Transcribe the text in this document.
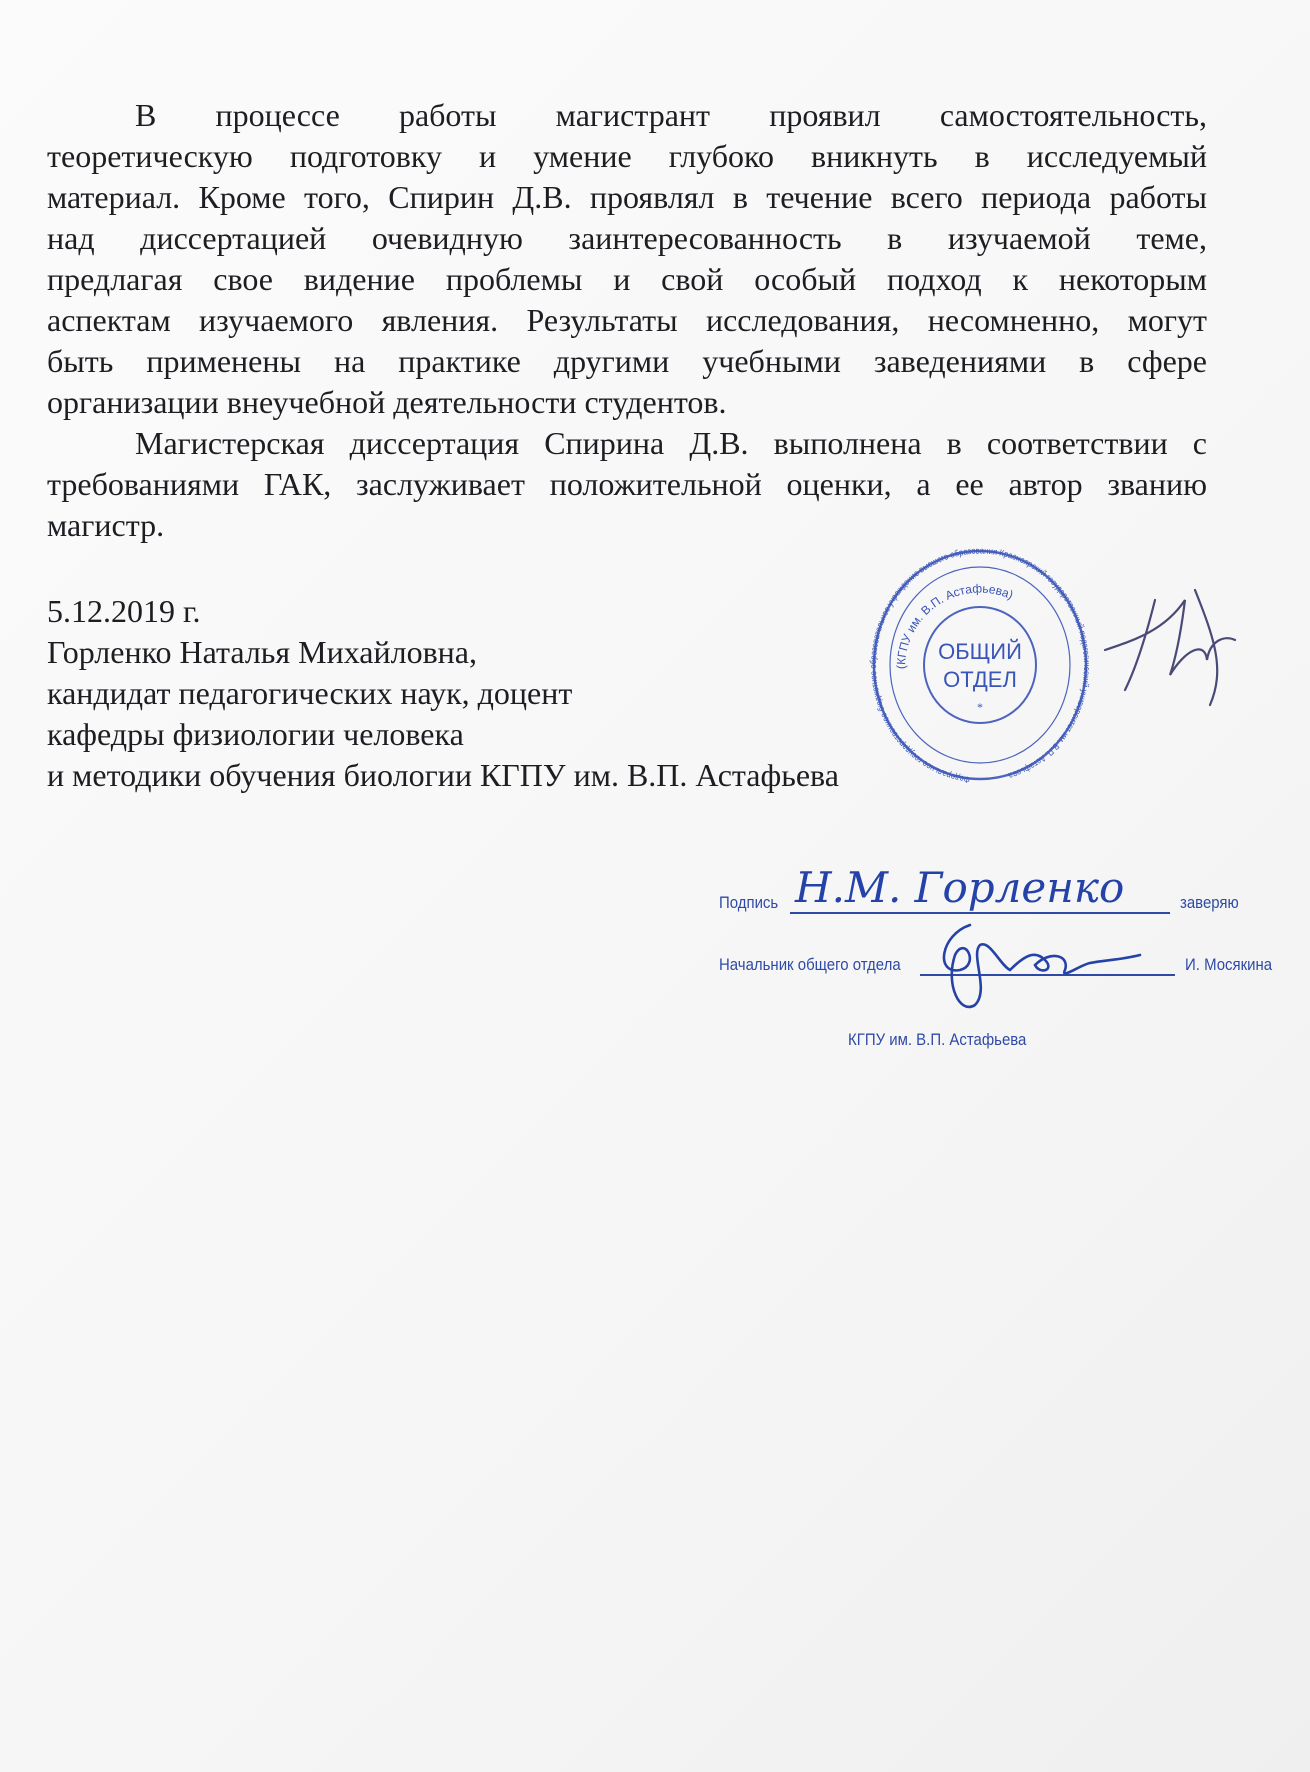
В процессе работы магистрант проявил самостоятельность,
теоретическую подготовку и умение глубоко вникнуть в исследуемый
материал. Кроме того, Спирин Д.В. проявлял в течение всего периода работы
над диссертацией очевидную заинтересованность в изучаемой теме,
предлагая свое видение проблемы и свой особый подход к некоторым
аспектам изучаемого явления. Результаты исследования, несомненно, могут
быть применены на практике другими учебными заведениями в сфере
организации внеучебной деятельности студентов.
Магистерская диссертация Спирина Д.В. выполнена в соответствии с
требованиями ГАК, заслуживает положительной оценки, а ее автор званию
магистр.
5.12.2019 г.
Горленко Наталья Михайловна,
кандидат педагогических наук, доцент
кафедры физиологии человека
и методики обучения биологии КГПУ им. В.П. Астафьева	Федеральное государственное бюджетное образовательное учреждение высшего образования Красноярский государственный педагогический университет им. В.П. Астафьева
(КГПУ им. В.П. Астафьева)
ОБЩИЙ
ОТДЕЛ
*
Подпись	заверяю
Н.М. Горленко
Начальник общего отдела	И. Мосякина
КГПУ им. В.П. Астафьева
